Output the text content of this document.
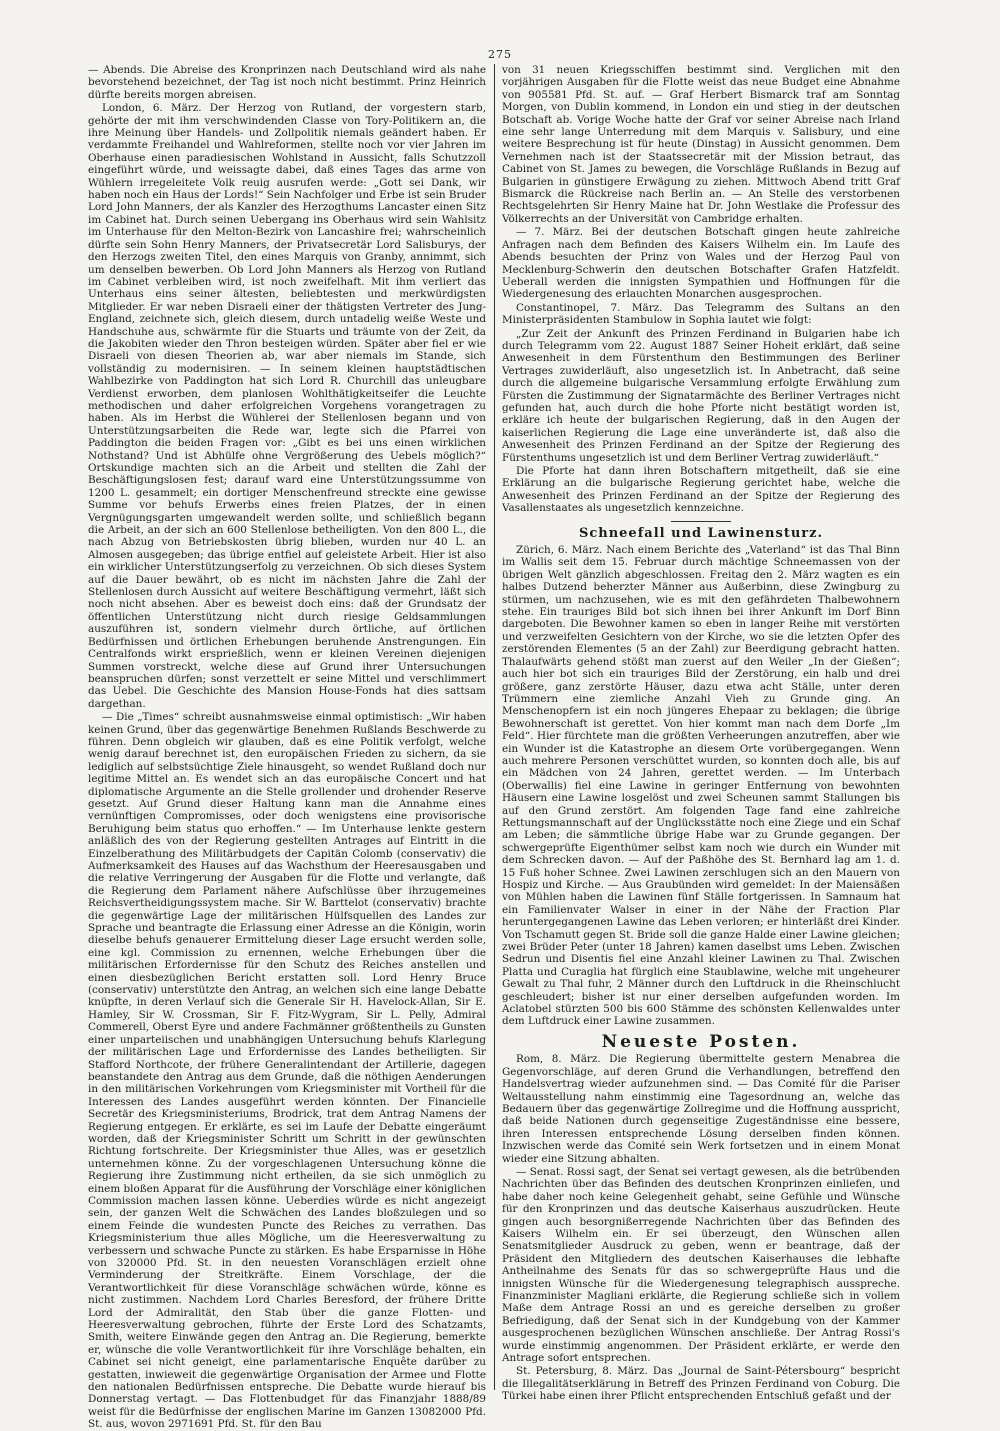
275

— Abends. Die Abreise des Kronprinzen nach Deutschland wird als nahe bevorstehend bezeichnet, der Tag ist noch nicht bestimmt. Prinz Heinrich dürfte bereits morgen abreisen.

London, 6. März. Der Herzog von Rutland, der vorgestern starb, gehörte der mit ihm verschwindenden Classe von Tory-Politikern an, die ihre Meinung über Handels- und Zollpolitik niemals geändert haben. Er verdammte Freihandel und Wahlreformen, stellte noch vor vier Jahren im Oberhause einen paradiesischen Wohlstand in Aussicht, falls Schutzzoll eingeführt würde, und weissagte dabei, daß eines Tages das arme von Wühlern irregeleitete Volk reuig ausrufen werde: „Gott sei Dank, wir haben noch ein Haus der Lords!“ Sein Nachfolger und Erbe ist sein Bruder Lord John Manners, der als Kanzler des Herzogthums Lancaster einen Sitz im Cabinet hat. Durch seinen Uebergang ins Oberhaus wird sein Wahlsitz im Unterhause für den Melton-Bezirk von Lancashire frei; wahrscheinlich dürfte sein Sohn Henry Manners, der Privatsecretär Lord Salisburys, der den Herzogs zweiten Titel, den eines Marquis von Granby, annimmt, sich um denselben bewerben. Ob Lord John Manners als Herzog von Rutland im Cabinet verbleiben wird, ist noch zweifelhaft. Mit ihm verliert das Unterhaus eins seiner ältesten, beliebtesten und merkwürdigsten Mitglieder. Er war neben Disraeli einer der thätigsten Vertreter des Jung-England, zeichnete sich, gleich diesem, durch untadelig weiße Weste und Handschuhe aus, schwärmte für die Stuarts und träumte von der Zeit, da die Jakobiten wieder den Thron besteigen würden. Später aber fiel er wie Disraeli von diesen Theorien ab, war aber niemals im Stande, sich vollständig zu modernisiren. — In seinem kleinen hauptstädtischen Wahlbezirke von Paddington hat sich Lord R. Churchill das unleugbare Verdienst erworben, dem planlosen Wohlthätigkeitseifer die Leuchte methodischen und daher erfolgreichen Vorgehens vorangetragen zu haben. Als im Herbst die Wühlerei der Stellenlosen begann und von Unterstützungsarbeiten die Rede war, legte sich die Pfarrei von Paddington die beiden Fragen vor: „Gibt es bei uns einen wirklichen Nothstand? Und ist Abhülfe ohne Vergrößerung des Uebels möglich?“ Ortskundige machten sich an die Arbeit und stellten die Zahl der Beschäftigungslosen fest; darauf ward eine Unterstützungssumme von 1200 L. gesammelt; ein dortiger Menschenfreund streckte eine gewisse Summe vor behufs Erwerbs eines freien Platzes, der in einen Vergnügungsgarten umgewandelt werden sollte, und schließlich begann die Arbeit, an der sich an 600 Stellenlose betheiligten. Von den 800 L., die nach Abzug von Betriebskosten übrig blieben, wurden nur 40 L. an Almosen ausgegeben; das übrige entfiel auf geleistete Arbeit. Hier ist also ein wirklicher Unterstützungserfolg zu verzeichnen. Ob sich dieses System auf die Dauer bewährt, ob es nicht im nächsten Jahre die Zahl der Stellenlosen durch Aussicht auf weitere Beschäftigung vermehrt, läßt sich noch nicht absehen. Aber es beweist doch eins: daß der Grundsatz der öffentlichen Unterstützung nicht durch riesige Geldsammlungen auszuführen ist, sondern vielmehr durch örtliche, auf örtlichen Bedürfnissen und örtlichen Erhebungen beruhende Anstrengungen. Ein Centralfonds wirkt ersprießlich, wenn er kleinen Vereinen diejenigen Summen vorstreckt, welche diese auf Grund ihrer Untersuchungen beanspruchen dürfen; sonst verzettelt er seine Mittel und verschlimmert das Uebel. Die Geschichte des Mansion House-Fonds hat dies sattsam dargethan.

— Die „Times“ schreibt ausnahmsweise einmal optimistisch: „Wir haben keinen Grund, über das gegenwärtige Benehmen Rußlands Beschwerde zu führen. Denn obgleich wir glauben, daß es eine Politik verfolgt, welche wenig darauf berechnet ist, den europäischen Frieden zu sichern, da sie lediglich auf selbstsüchtige Ziele hinausgeht, so wendet Rußland doch nur legitime Mittel an. Es wendet sich an das europäische Concert und hat diplomatische Argumente an die Stelle grollender und drohender Reserve gesetzt. Auf Grund dieser Haltung kann man die Annahme eines vernünftigen Compromisses, oder doch wenigstens eine provisorische Beruhigung beim status quo erhoffen.“ — Im Unterhause lenkte gestern anläßlich des von der Regierung gestellten Antrages auf Eintritt in die Einzelberathung des Militärbudgets der Capitän Colomb (conservativ) die Aufmerksamkeit des Hauses auf das Wachsthum der Heeresausgaben und die relative Verringerung der Ausgaben für die Flotte und verlangte, daß die Regierung dem Parlament nähere Aufschlüsse über ihrzugemeines Reichsvertheidigungssystem mache. Sir W. Barttelot (conservativ) brachte die gegenwärtige Lage der militärischen Hülfsquellen des Landes zur Sprache und beantragte die Erlassung einer Adresse an die Königin, worin dieselbe behufs genauerer Ermittelung dieser Lage ersucht werden solle, eine kgl. Commission zu ernennen, welche Erhebungen über die militärischen Erfordernisse für den Schutz des Reiches anstellen und einen diesbezüglichen Bericht erstatten soll. Lord Henry Bruce (conservativ) unterstützte den Antrag, an welchen sich eine lange Debatte knüpfte, in deren Verlauf sich die Generale Sir H. Havelock-Allan, Sir E. Hamley, Sir W. Crossman, Sir F. Fitz-Wygram, Sir L. Pelly, Admiral Commerell, Oberst Eyre und andere Fachmänner größtentheils zu Gunsten einer unparteiischen und unabhängigen Untersuchung behufs Klarlegung der militärischen Lage und Erfordernisse des Landes betheiligten. Sir Stafford Northcote, der frühere Generalintendant der Artillerie, dagegen beanstandete den Antrag aus dem Grunde, daß die nöthigen Aenderungen in den militärischen Vorkehrungen vom Kriegsminister mit Vortheil für die Interessen des Landes ausgeführt werden könnten. Der Financielle Secretär des Kriegsministeriums, Brodrick, trat dem Antrag Namens der Regierung entgegen. Er erklärte, es sei im Laufe der Debatte eingeräumt worden, daß der Kriegsminister Schritt um Schritt in der gewünschten Richtung fortschreite. Der Kriegsminister thue Alles, was er gesetzlich unternehmen könne. Zu der vorgeschlagenen Untersuchung könne die Regierung ihre Zustimmung nicht ertheilen, da sie sich unmöglich zu einem bloßen Apparat für die Ausführung der Vorschläge einer königlichen Commission machen lassen könne. Ueberdies würde es nicht angezeigt sein, der ganzen Welt die Schwächen des Landes bloßzulegen und so einem Feinde die wundesten Puncte des Reiches zu verrathen. Das Kriegsministerium thue alles Mögliche, um die Heeresverwaltung zu verbessern und schwache Puncte zu stärken. Es habe Ersparnisse in Höhe von 320000 Pfd. St. in den neuesten Voranschlägen erzielt ohne Verminderung der Streitkräfte. Einem Vorschlage, der die Verantwortlichkeit für diese Voranschläge schwächen würde, könne es nicht zustimmen. Nachdem Lord Charles Beresford, der frühere Dritte Lord der Admiralität, den Stab über die ganze Flotten- und Heeresverwaltung gebrochen, führte der Erste Lord des Schatzamts, Smith, weitere Einwände gegen den Antrag an. Die Regierung, bemerkte er, wünsche die volle Verantwortlichkeit für ihre Vorschläge behalten, ein Cabinet sei nicht geneigt, eine parlamentarische Enquête darüber zu gestatten, inwieweit die gegenwärtige Organisation der Armee und Flotte den nationalen Bedürfnissen entspreche. Die Debatte wurde hierauf bis Donnerstag vertagt. — Das Flottenbudget für das Finanzjahr 1888/89 weist für die Bedürfnisse der englischen Marine im Ganzen 13082000 Pfd. St. aus, wovon 2971691 Pfd. St. für den Bau

von 31 neuen Kriegsschiffen bestimmt sind. Verglichen mit den vorjährigen Ausgaben für die Flotte weist das neue Budget eine Abnahme von 905581 Pfd. St. auf. — Graf Herbert Bismarck traf am Sonntag Morgen, von Dublin kommend, in London ein und stieg in der deutschen Botschaft ab. Vorige Woche hatte der Graf vor seiner Abreise nach Irland eine sehr lange Unterredung mit dem Marquis v. Salisbury, und eine weitere Besprechung ist für heute (Dinstag) in Aussicht genommen. Dem Vernehmen nach ist der Staatssecretär mit der Mission betraut, das Cabinet von St. James zu bewegen, die Vorschläge Rußlands in Bezug auf Bulgarien in günstigere Erwägung zu ziehen. Mittwoch Abend tritt Graf Bismarck die Rückreise nach Berlin an. — An Stelle des verstorbenen Rechtsgelehrten Sir Henry Maine hat Dr. John Westlake die Professur des Völkerrechts an der Universität von Cambridge erhalten.

— 7. März. Bei der deutschen Botschaft gingen heute zahlreiche Anfragen nach dem Befinden des Kaisers Wilhelm ein. Im Laufe des Abends besuchten der Prinz von Wales und der Herzog Paul von Mecklenburg-Schwerin den deutschen Botschafter Grafen Hatzfeldt. Ueberall werden die innigsten Sympathien und Hoffnungen für die Wiedergenesung des erlauchten Monarchen ausgesprochen.

Constantinopel, 7. März. Das Telegramm des Sultans an den Ministerpräsidenten Stambulow in Sophia lautet wie folgt:

„Zur Zeit der Ankunft des Prinzen Ferdinand in Bulgarien habe ich durch Telegramm vom 22. August 1887 Seiner Hoheit erklärt, daß seine Anwesenheit in dem Fürstenthum den Bestimmungen des Berliner Vertrages zuwiderläuft, also ungesetzlich ist. In Anbetracht, daß seine durch die allgemeine bulgarische Versammlung erfolgte Erwählung zum Fürsten die Zustimmung der Signatarmächte des Berliner Vertrages nicht gefunden hat, auch durch die hohe Pforte nicht bestätigt worden ist, erkläre ich heute der bulgarischen Regierung, daß in den Augen der kaiserlichen Regierung die Lage eine unveränderte ist, daß also die Anwesenheit des Prinzen Ferdinand an der Spitze der Regierung des Fürstenthums ungesetzlich ist und dem Berliner Vertrag zuwiderläuft.“

Die Pforte hat dann ihren Botschaftern mitgetheilt, daß sie eine Erklärung an die bulgarische Regierung gerichtet habe, welche die Anwesenheit des Prinzen Ferdinand an der Spitze der Regierung des Vasallenstaates als ungesetzlich kennzeichne.

Schneefall und Lawinensturz.

Zürich, 6. März. Nach einem Berichte des „Vaterland“ ist das Thal Binn im Wallis seit dem 15. Februar durch mächtige Schneemassen von der übrigen Welt gänzlich abgeschlossen. Freitag den 2. März wagten es ein halbes Dutzend beherzter Männer aus Außerbinn, diese Zwingburg zu stürmen, um nachzusehen, wie es mit den gefährdeten Thalbewohnern stehe. Ein trauriges Bild bot sich ihnen bei ihrer Ankunft im Dorf Binn dargeboten. Die Bewohner kamen so eben in langer Reihe mit verstörten und verzweifelten Gesichtern von der Kirche, wo sie die letzten Opfer des zerstörenden Elementes (5 an der Zahl) zur Beerdigung gebracht hatten. Thalaufwärts gehend stößt man zuerst auf den Weiler „In der Gießen“; auch hier bot sich ein trauriges Bild der Zerstörung, ein halb und drei größere, ganz zerstörte Häuser, dazu etwa acht Ställe, unter deren Trümmern eine ziemliche Anzahl Vieh zu Grunde ging. An Menschenopfern ist ein noch jüngeres Ehepaar zu beklagen; die übrige Bewohnerschaft ist gerettet. Von hier kommt man nach dem Dorfe „Im Feld“. Hier fürchtete man die größten Verheerungen anzutreffen, aber wie ein Wunder ist die Katastrophe an diesem Orte vorübergegangen. Wenn auch mehrere Personen verschüttet wurden, so konnten doch alle, bis auf ein Mädchen von 24 Jahren, gerettet werden. — Im Unterbach (Oberwallis) fiel eine Lawine in geringer Entfernung von bewohnten Häusern eine Lawine losgelöst und zwei Scheunen sammt Stallungen bis auf den Grund zerstört. Am folgenden Tage fand eine zahlreiche Rettungsmannschaft auf der Unglücksstätte noch eine Ziege und ein Schaf am Leben; die sämmtliche übrige Habe war zu Grunde gegangen. Der schwergeprüfte Eigenthümer selbst kam noch wie durch ein Wunder mit dem Schrecken davon. — Auf der Paßhöhe des St. Bernhard lag am 1. d. 15 Fuß hoher Schnee. Zwei Lawinen zerschlugen sich an den Mauern von Hospiz und Kirche. — Aus Graubünden wird gemeldet: In der Maiensäßen von Mühlen haben die Lawinen fünf Ställe fortgerissen. In Samnaum hat ein Familienvater Walser in einer in der Nähe der Fraction Plar heruntergegangenen Lawine das Leben verloren; er hinterläßt drei Kinder. Von Tschamutt gegen St. Bride soll die ganze Halde einer Lawine gleichen; zwei Brüder Peter (unter 18 Jahren) kamen daselbst ums Leben. Zwischen Sedrun und Disentis fiel eine Anzahl kleiner Lawinen zu Thal. Zwischen Platta und Curaglia hat fürglich eine Staublawine, welche mit ungeheurer Gewalt zu Thal fuhr, 2 Männer durch den Luftdruck in die Rheinschlucht geschleudert; bisher ist nur einer derselben aufgefunden worden. Im Aclatobel stürzten 500 bis 600 Stämme des schönsten Kellenwaldes unter dem Luftdruck einer Lawine zusammen.

Neueste Posten.

Rom, 8. März. Die Regierung übermittelte gestern Menabrea die Gegenvorschläge, auf deren Grund die Verhandlungen, betreffend den Handelsvertrag wieder aufzunehmen sind. — Das Comité für die Pariser Weltausstellung nahm einstimmig eine Tagesordnung an, welche das Bedauern über das gegenwärtige Zollregime und die Hoffnung ausspricht, daß beide Nationen durch gegenseitige Zugeständnisse eine bessere, ihren Interessen entsprechende Lösung derselben finden können. Inzwischen werde das Comité sein Werk fortsetzen und in einem Monat wieder eine Sitzung abhalten.

— Senat. Rossi sagt, der Senat sei vertagt gewesen, als die betrübenden Nachrichten über das Befinden des deutschen Kronprinzen einliefen, und habe daher noch keine Gelegenheit gehabt, seine Gefühle und Wünsche für den Kronprinzen und das deutsche Kaiserhaus auszudrücken. Heute gingen auch besorgnißerregende Nachrichten über das Befinden des Kaisers Wilhelm ein. Er sei überzeugt, den Wünschen allen Senatsmitglieder Ausdruck zu geben, wenn er beantrage, daß der Präsident den Mitgliedern des deutschen Kaiserhauses die lebhafte Antheilnahme des Senats für das so schwergeprüfte Haus und die innigsten Wünsche für die Wiedergenesung telegraphisch ausspreche. Finanzminister Magliani erklärte, die Regierung schließe sich in vollem Maße dem Antrage Rossi an und es gereiche derselben zu großer Befriedigung, daß der Senat sich in der Kundgebung von der Kammer ausgesprochenen bezüglichen Wünschen anschließe. Der Antrag Rossi's wurde einstimmig angenommen. Der Präsident erklärte, er werde den Antrage sofort entsprechen.

St. Petersburg, 8. März. Das „Journal de Saint-Pétersbourg“ bespricht die Illegalitätserklärung in Betreff des Prinzen Ferdinand von Coburg. Die Türkei habe einen ihrer Pflicht entsprechenden Entschluß gefaßt und der
